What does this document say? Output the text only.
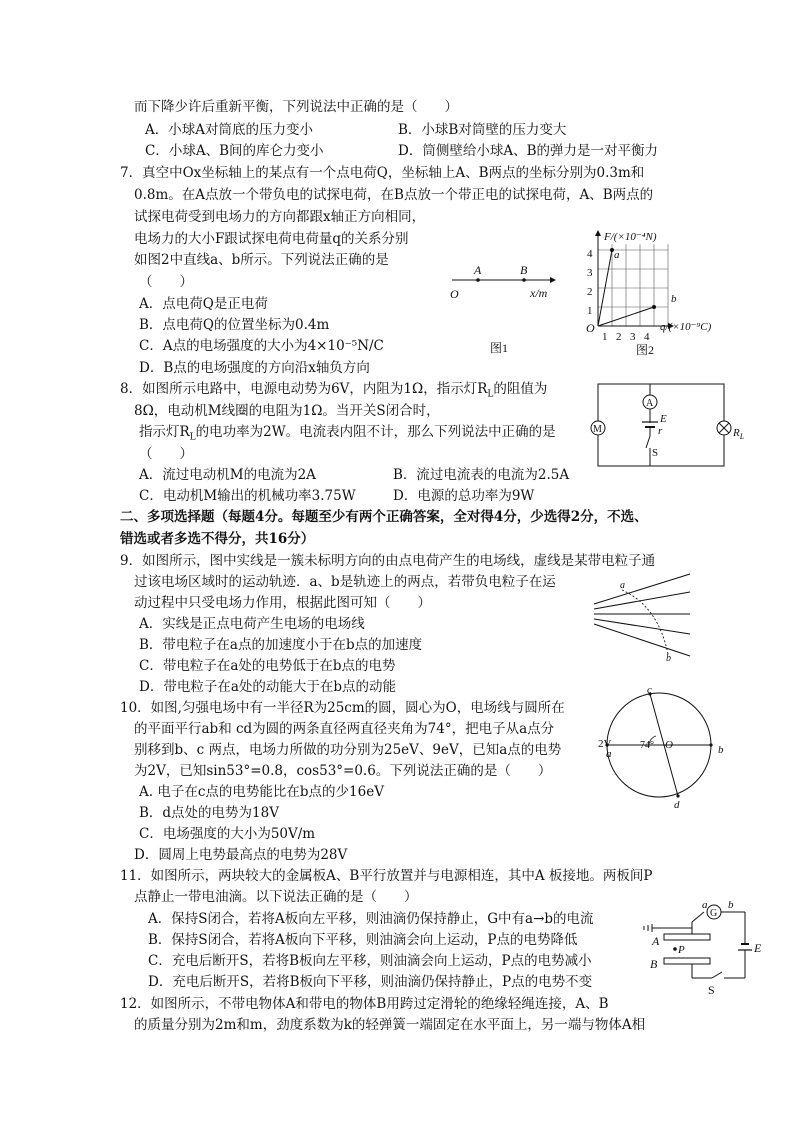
而下降少许后重新平衡，下列说法中正确的是（　　）
A．小球A对筒底的压力变小	B．小球B对筒壁的压力变大
C．小球A、B间的库仑力变小	D．筒侧壁给小球A、B的弹力是一对平衡力
7．真空中Ox坐标轴上的某点有一个点电荷Q，坐标轴上A、B两点的坐标分别为0.3m和
0.8m。在A点放一个带负电的试探电荷，在B点放一个带正电的试探电荷，A、B两点的
试探电荷受到电场力的方向都跟x轴正方向相同，
电场力的大小F跟试探电荷电荷量q的关系分别
如图2中直线a、b所示。下列说法正确的是
（　　）
A．点电荷Q是正电荷
B．点电荷Q的位置坐标为0.4m
C．A点的电场强度的大小为4×10⁻⁵N/C
D．B点的电场强度的方向沿x轴负方向
8．如图所示电路中，电源电动势为6V，内阻为1Ω，指示灯$R_L$的阻值为
8Ω，电动机M线圈的电阻为1Ω。当开关S闭合时，
指示灯$R_L$的电功率为2W。电流表内阻不计，那么下列说法中正确的是
（　　）
A．流过电动机M的电流为2A	B．流过电流表的电流为2.5A
C．电动机M输出的机械功率3.75W	D．电源的总功率为9W
二、多项选择题（每题4分。每题至少有两个正确答案，全对得4分，少选得2分，不选、
错选或者多选不得分，共16分）
9．如图所示，图中实线是一簇未标明方向的由点电荷产生的电场线，虚线是某带电粒子通
过该电场区域时的运动轨迹．a、b是轨迹上的两点，若带负电粒子在运
动过程中只受电场力作用，根据此图可知（　　）
A．实线是正点电荷产生电场的电场线
B．带电粒子在a点的加速度小于在b点的加速度
C．带电粒子在a处的电势低于在b点的电势
D．带电粒子在a处的动能大于在b点的动能
10．如图,匀强电场中有一半径R为25cm的圆，圆心为O，电场线与圆所在
的平面平行ab和 cd为圆的两条直径两直径夹角为74°，把电子从a点分
别移到b、c 两点，电场力所做的功分别为25eV、9eV，已知a点的电势
为2V，已知sin53°=0.8，cos53°=0.6。下列说法正确的是（　　）
A. 电子在c点的电势能比在b点的少16eV
B．d点处的电势为18V
C．电场强度的大小为50V/m
D．圆周上电势最高点的电势为28V
11．如图所示，两块较大的金属板A、B平行放置并与电源相连，其中A 板接地。两板间P
点静止一带电油滴。以下说法正确的是（　　）
A．保持S闭合，若将A板向左平移，则油滴仍保持静止，G中有a→b的电流
B．保持S闭合，若将A板向下平移，则油滴会向上运动，P点的电势降低
C．充电后断开S，若将B板向左平移，则油滴会向上运动，P点的电势减小
D．充电后断开S，若将B板向下平移，则油滴仍保持静止，P点的电势不变
12．如图所示，不带电物体A和带电的物体B用跨过定滑轮的绝缘轻绳连接，A、B
的质量分别为2m和m，劲度系数为k的轻弹簧一端固定在水平面上，另一端与物体A相
A	B
O	x/m
图1
F/(×10⁻⁴N)
q/(×10⁻⁹C)
O
1 2 3 4
1
2
3
4 a
b
图2
A
E
r
S
M	$R_L$
a
b
c
a
2V	b
d
O
74°
G
a b
A
P
B
E
S
